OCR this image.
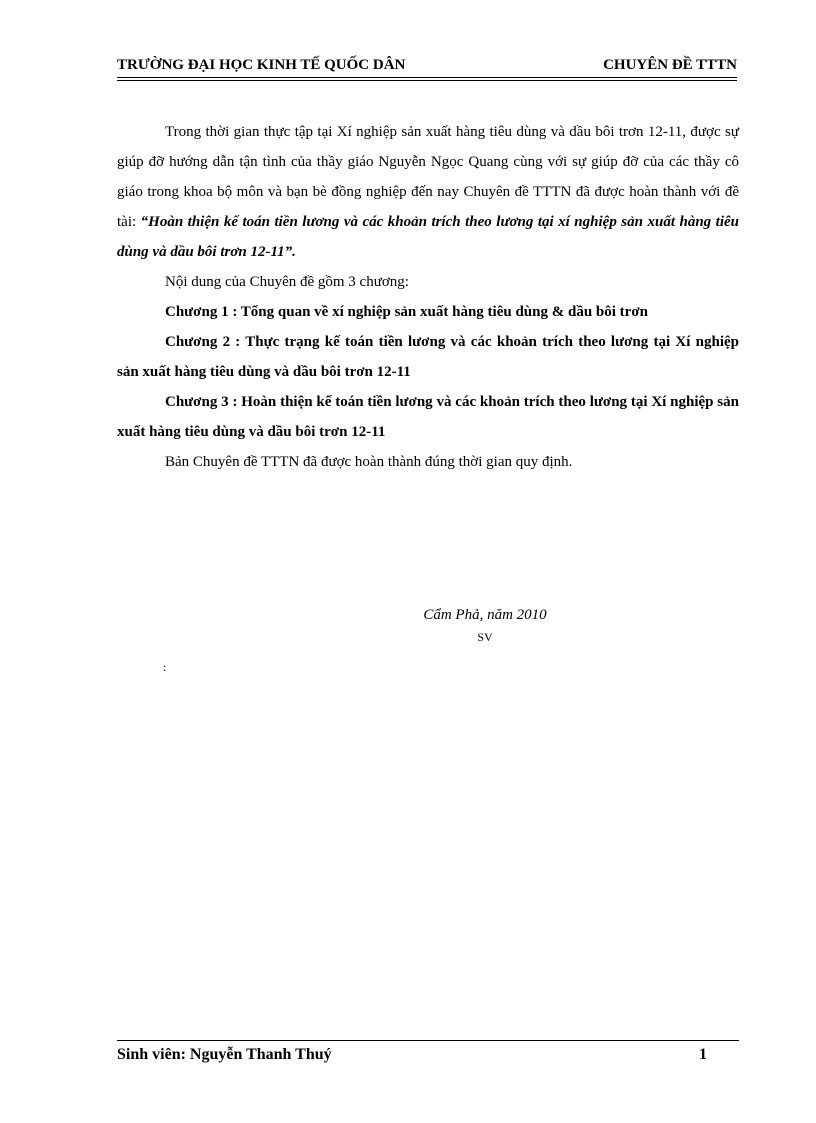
TRƯỜNG ĐẠI HỌC KINH TẾ QUỐC DÂN	CHUYÊN ĐỀ TTTN

Trong thời gian thực tập tại Xí nghiệp sản xuất hàng tiêu dùng và dầu bôi trơn 12-11, được sự giúp đỡ hướng dẫn tận tình của thầy giáo Nguyễn Ngọc Quang cùng với sự giúp đỡ của các thầy cô giáo trong khoa bộ môn và bạn bè đồng nghiệp đến nay Chuyên đề TTTN đã được hoàn thành với đề tài: “Hoàn thiện kế toán tiền lương và các khoản trích theo lương tại xí nghiệp sản xuất hàng tiêu dùng và dầu bôi trơn 12-11”.

Nội dung của Chuyên đề gồm 3 chương:

Chương 1 : Tổng quan về xí nghiệp sản xuất hàng tiêu dùng & dầu bôi trơn

Chương 2 : Thực trạng kế toán tiền lương và các khoản trích theo lương tại Xí nghiệp sản xuất hàng tiêu dùng và dầu bôi trơn 12-11

Chương 3 : Hoàn thiện kế toán tiền lương và các khoản trích theo lương tại Xí nghiệp sản xuất hàng tiêu dùng và dầu bôi trơn 12-11

Bản Chuyên đề TTTN đã được hoàn thành đúng thời gian quy định.

Cẩm Phả, năm 2010
SV
:
Sinh viên: Nguyễn Thanh Thuý	1
